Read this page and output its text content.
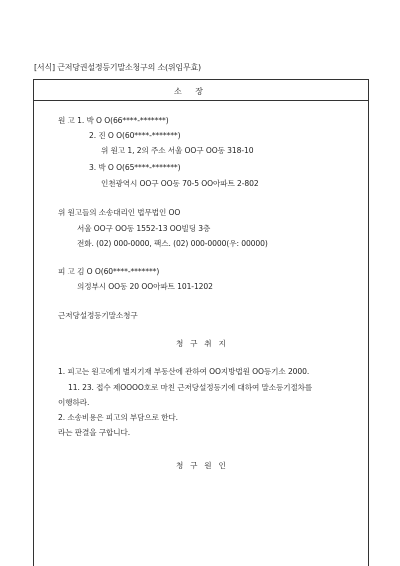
[서식] 근저당권설정등기말소청구의 소(위임무효)
소 장
원 고 1. 박 O O(66****-*******)
2. 진 O O(60****-*******)
위 원고 1, 2의 주소 서울 OO구 OO동 318-10
3. 박 O O(65****-*******)
인천광역시 OO구 OO동 70-5 OO아파트 2-802
위 원고들의 소송대리인 법무법인 OO
서울 OO구 OO동 1552-13 OO빌딩 3층
전화. (02) 000-0000, 팩스. (02) 000-0000(우: 00000)
피 고 김 O O(60****-*******)
의정부시 OO동 20 OO아파트 101-1202
근저당설정등기말소청구
청 구 취 지
1. 피고는 원고에게 별지기재 부동산에 관하여 OO지방법원 OO등기소 2000.
11. 23. 접수 제OOOO호로 마친 근저당설정등기에 대하여 말소등기절차를
이행하라.
2. 소송비용은 피고의 부담으로 한다.
라는 판결을 구합니다.
청 구 원 인
